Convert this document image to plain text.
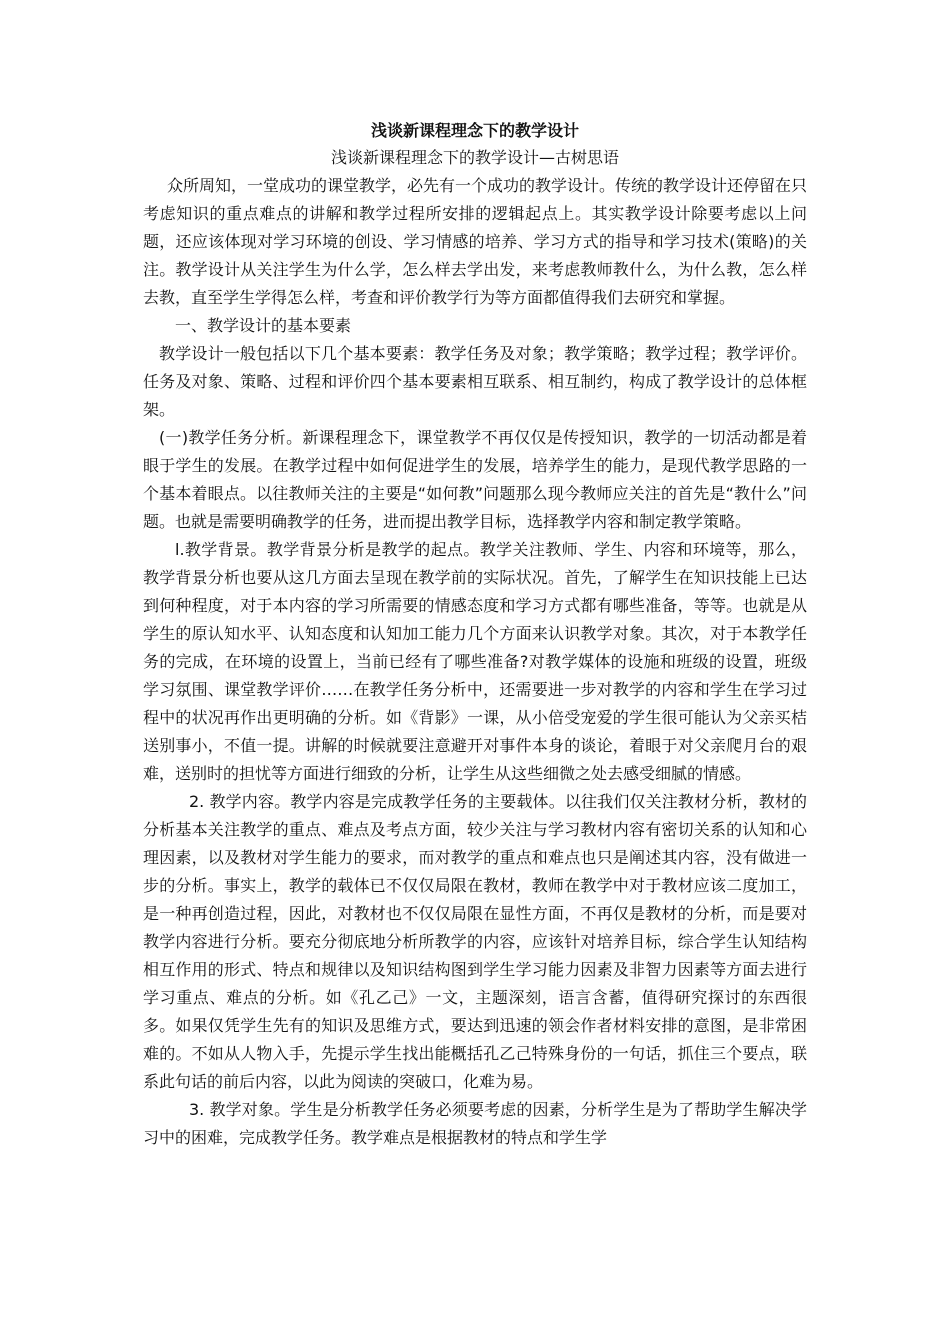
浅谈新课程理念下的教学设计
浅谈新课程理念下的教学设计—古树思语

众所周知，一堂成功的课堂教学，必先有一个成功的教学设计。传统的教学设计还停留在只考虑知识的重点难点的讲解和教学过程所安排的逻辑起点上。其实教学设计除要考虑以上问题，还应该体现对学习环境的创设、学习情感的培养、学习方式的指导和学习技术(策略)的关注。教学设计从关注学生为什么学，怎么样去学出发，来考虑教师教什么，为什么教，怎么样去教，直至学生学得怎么样，考查和评价教学行为等方面都值得我们去研究和掌握。

一、教学设计的基本要素

教学设计一般包括以下几个基本要素：教学任务及对象；教学策略；教学过程；教学评价。任务及对象、策略、过程和评价四个基本要素相互联系、相互制约，构成了教学设计的总体框架。

(一)教学任务分析。新课程理念下，课堂教学不再仅仅是传授知识，教学的一切活动都是着眼于学生的发展。在教学过程中如何促进学生的发展，培养学生的能力，是现代教学思路的一个基本着眼点。以往教师关注的主要是“如何教”问题那么现今教师应关注的首先是“教什么”问题。也就是需要明确教学的任务，进而提出教学目标，选择教学内容和制定教学策略。

l.教学背景。教学背景分析是教学的起点。教学关注教师、学生、内容和环境等，那么，教学背景分析也要从这几方面去呈现在教学前的实际状况。首先，了解学生在知识技能上已达到何种程度，对于本内容的学习所需要的情感态度和学习方式都有哪些准备，等等。也就是从学生的原认知水平、认知态度和认知加工能力几个方面来认识教学对象。其次，对于本教学任务的完成，在环境的设置上，当前已经有了哪些准备?对教学媒体的设施和班级的设置，班级学习氛围、课堂教学评价……在教学任务分析中，还需要进一步对教学的内容和学生在学习过程中的状况再作出更明确的分析。如《背影》一课，从小倍受宠爱的学生很可能认为父亲买桔送别事小，不值一提。讲解的时候就要注意避开对事件本身的谈论，着眼于对父亲爬月台的艰难，送别时的担忧等方面进行细致的分析，让学生从这些细微之处去感受细腻的情感。

2. 教学内容。教学内容是完成教学任务的主要载体。以往我们仅关注教材分析，教材的分析基本关注教学的重点、难点及考点方面，较少关注与学习教材内容有密切关系的认知和心理因素，以及教材对学生能力的要求，而对教学的重点和难点也只是阐述其内容，没有做进一步的分析。事实上，教学的载体已不仅仅局限在教材，教师在教学中对于教材应该二度加工，是一种再创造过程，因此，对教材也不仅仅局限在显性方面，不再仅是教材的分析，而是要对教学内容进行分析。要充分彻底地分析所教学的内容，应该针对培养目标，综合学生认知结构相互作用的形式、特点和规律以及知识结构图到学生学习能力因素及非智力因素等方面去进行学习重点、难点的分析。如《孔乙己》一文，主题深刻，语言含蓄，值得研究探讨的东西很多。如果仅凭学生先有的知识及思维方式，要达到迅速的领会作者材料安排的意图，是非常困难的。不如从人物入手，先提示学生找出能概括孔乙己特殊身份的一句话，抓住三个要点，联系此句话的前后内容，以此为阅读的突破口，化难为易。

3. 教学对象。学生是分析教学任务必须要考虑的因素，分析学生是为了帮助学生解决学习中的困难，完成教学任务。教学难点是根据教材的特点和学生学
